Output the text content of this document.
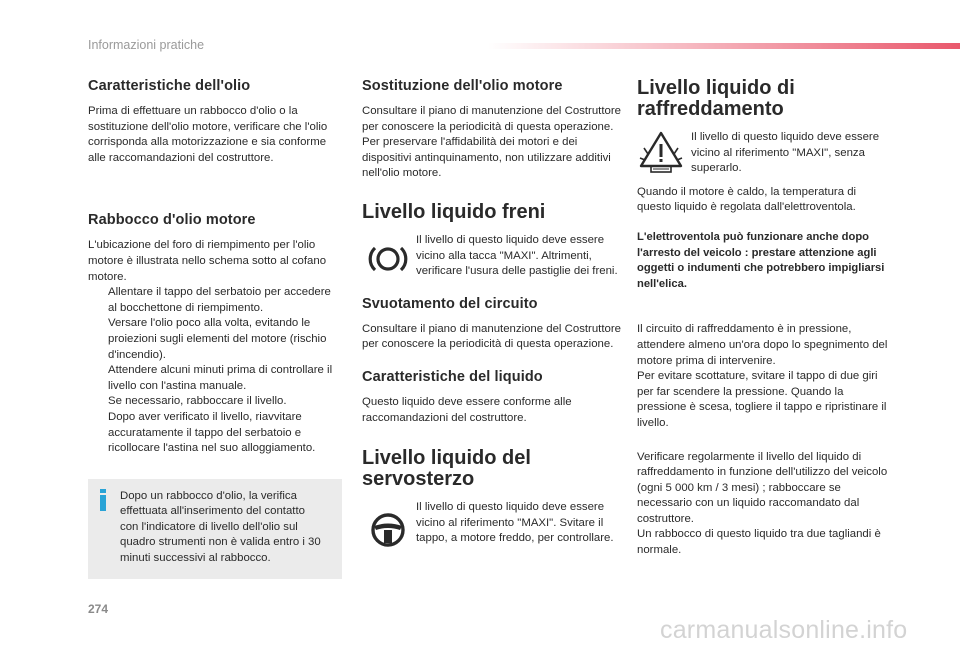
Informazioni pratiche
Caratteristiche dell'olio

Prima di effettuare un rabbocco d'olio o la sostituzione dell'olio motore, verificare che l'olio corrisponda alla motorizzazione e sia conforme alle raccomandazioni del costruttore.

Rabbocco d'olio motore

L'ubicazione del foro di riempimento per l'olio motore è illustrata nello schema sotto al cofano motore.

Allentare il tappo del serbatoio per accedere al bocchettone di riempimento.
Versare l'olio poco alla volta, evitando le proiezioni sugli elementi del motore (rischio d'incendio).
Attendere alcuni minuti prima di controllare il livello con l'astina manuale.
Se necessario, rabboccare il livello.
Dopo aver verificato il livello, riavvitare accuratamente il tappo del serbatoio e ricollocare l'astina nel suo alloggiamento.

Dopo un rabbocco d'olio, la verifica effettuata all'inserimento del contatto con l'indicatore di livello dell'olio sul quadro strumenti non è valida entro i 30 minuti successivi al rabbocco.

Sostituzione dell'olio motore

Consultare il piano di manutenzione del Costruttore per conoscere la periodicità di questa operazione.

Per preservare l'affidabilità dei motori e dei dispositivi antinquinamento, non utilizzare additivi nell'olio motore.

Livello liquido freni

Il livello di questo liquido deve essere vicino alla tacca "MAXI". Altrimenti, verificare l'usura delle pastiglie dei freni.

Svuotamento del circuito

Consultare il piano di manutenzione del Costruttore per conoscere la periodicità di questa operazione.

Caratteristiche del liquido

Questo liquido deve essere conforme alle raccomandazioni del costruttore.

Livello liquido del servosterzo

Il livello di questo liquido deve essere vicino al riferimento "MAXI". Svitare il tappo, a motore freddo, per controllare.

Livello liquido di raffreddamento

Il livello di questo liquido deve essere vicino al riferimento "MAXI", senza superarlo.

Quando il motore è caldo, la temperatura di questo liquido è regolata dall'elettroventola.

L'elettroventola può funzionare anche dopo l'arresto del veicolo : prestare attenzione agli oggetti o indumenti che potrebbero impigliarsi nell'elica.

Il circuito di raffreddamento è in pressione, attendere almeno un'ora dopo lo spegnimento del motore prima di intervenire.

Per evitare scottature, svitare il tappo di due giri per far scendere la pressione. Quando la pressione è scesa, togliere il tappo e ripristinare il livello.

Verificare regolarmente il livello del liquido di raffreddamento in funzione dell'utilizzo del veicolo (ogni 5 000 km / 3 mesi) ; rabboccare se necessario con un liquido raccomandato dal costruttore.

Un rabbocco di questo liquido tra due tagliandi è normale.

274
carmanualsonline.info
